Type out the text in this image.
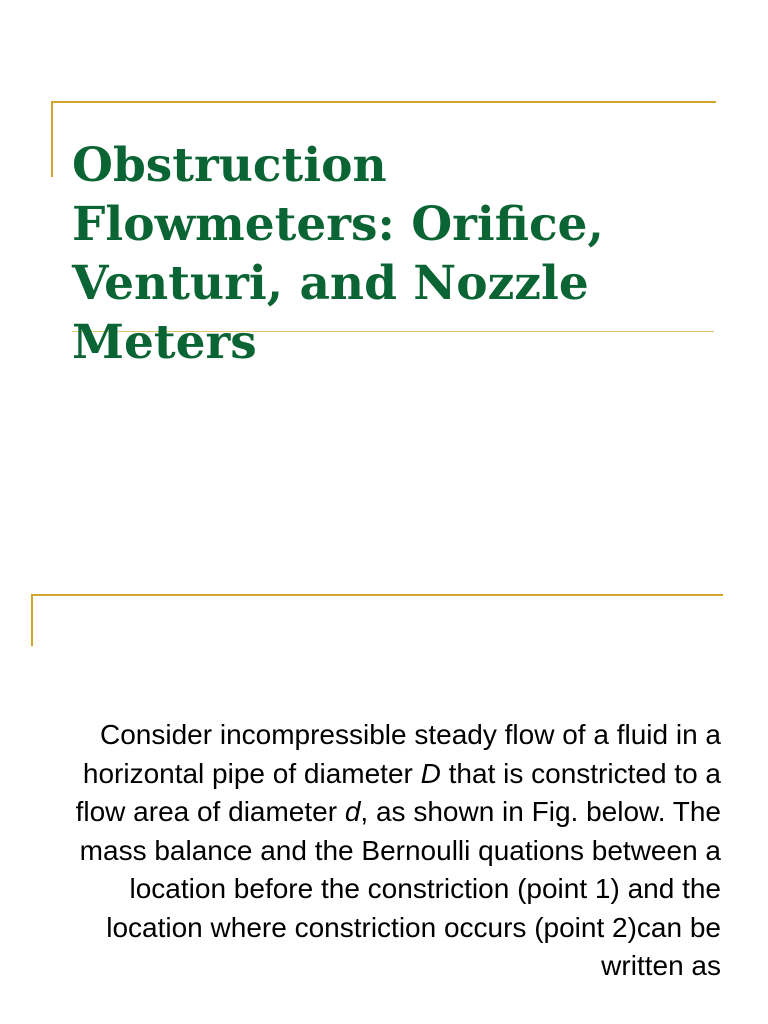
Obstruction
Flowmeters: Orifice,
Venturi, and Nozzle
Meters

Consider incompressible steady flow of a fluid in a horizontal pipe of diameter D that is constricted to a flow area of diameter d, as shown in Fig. below. The mass balance and the Bernoulli quations between a location before the constriction (point 1) and the location where constriction occurs (point 2)can be written as
